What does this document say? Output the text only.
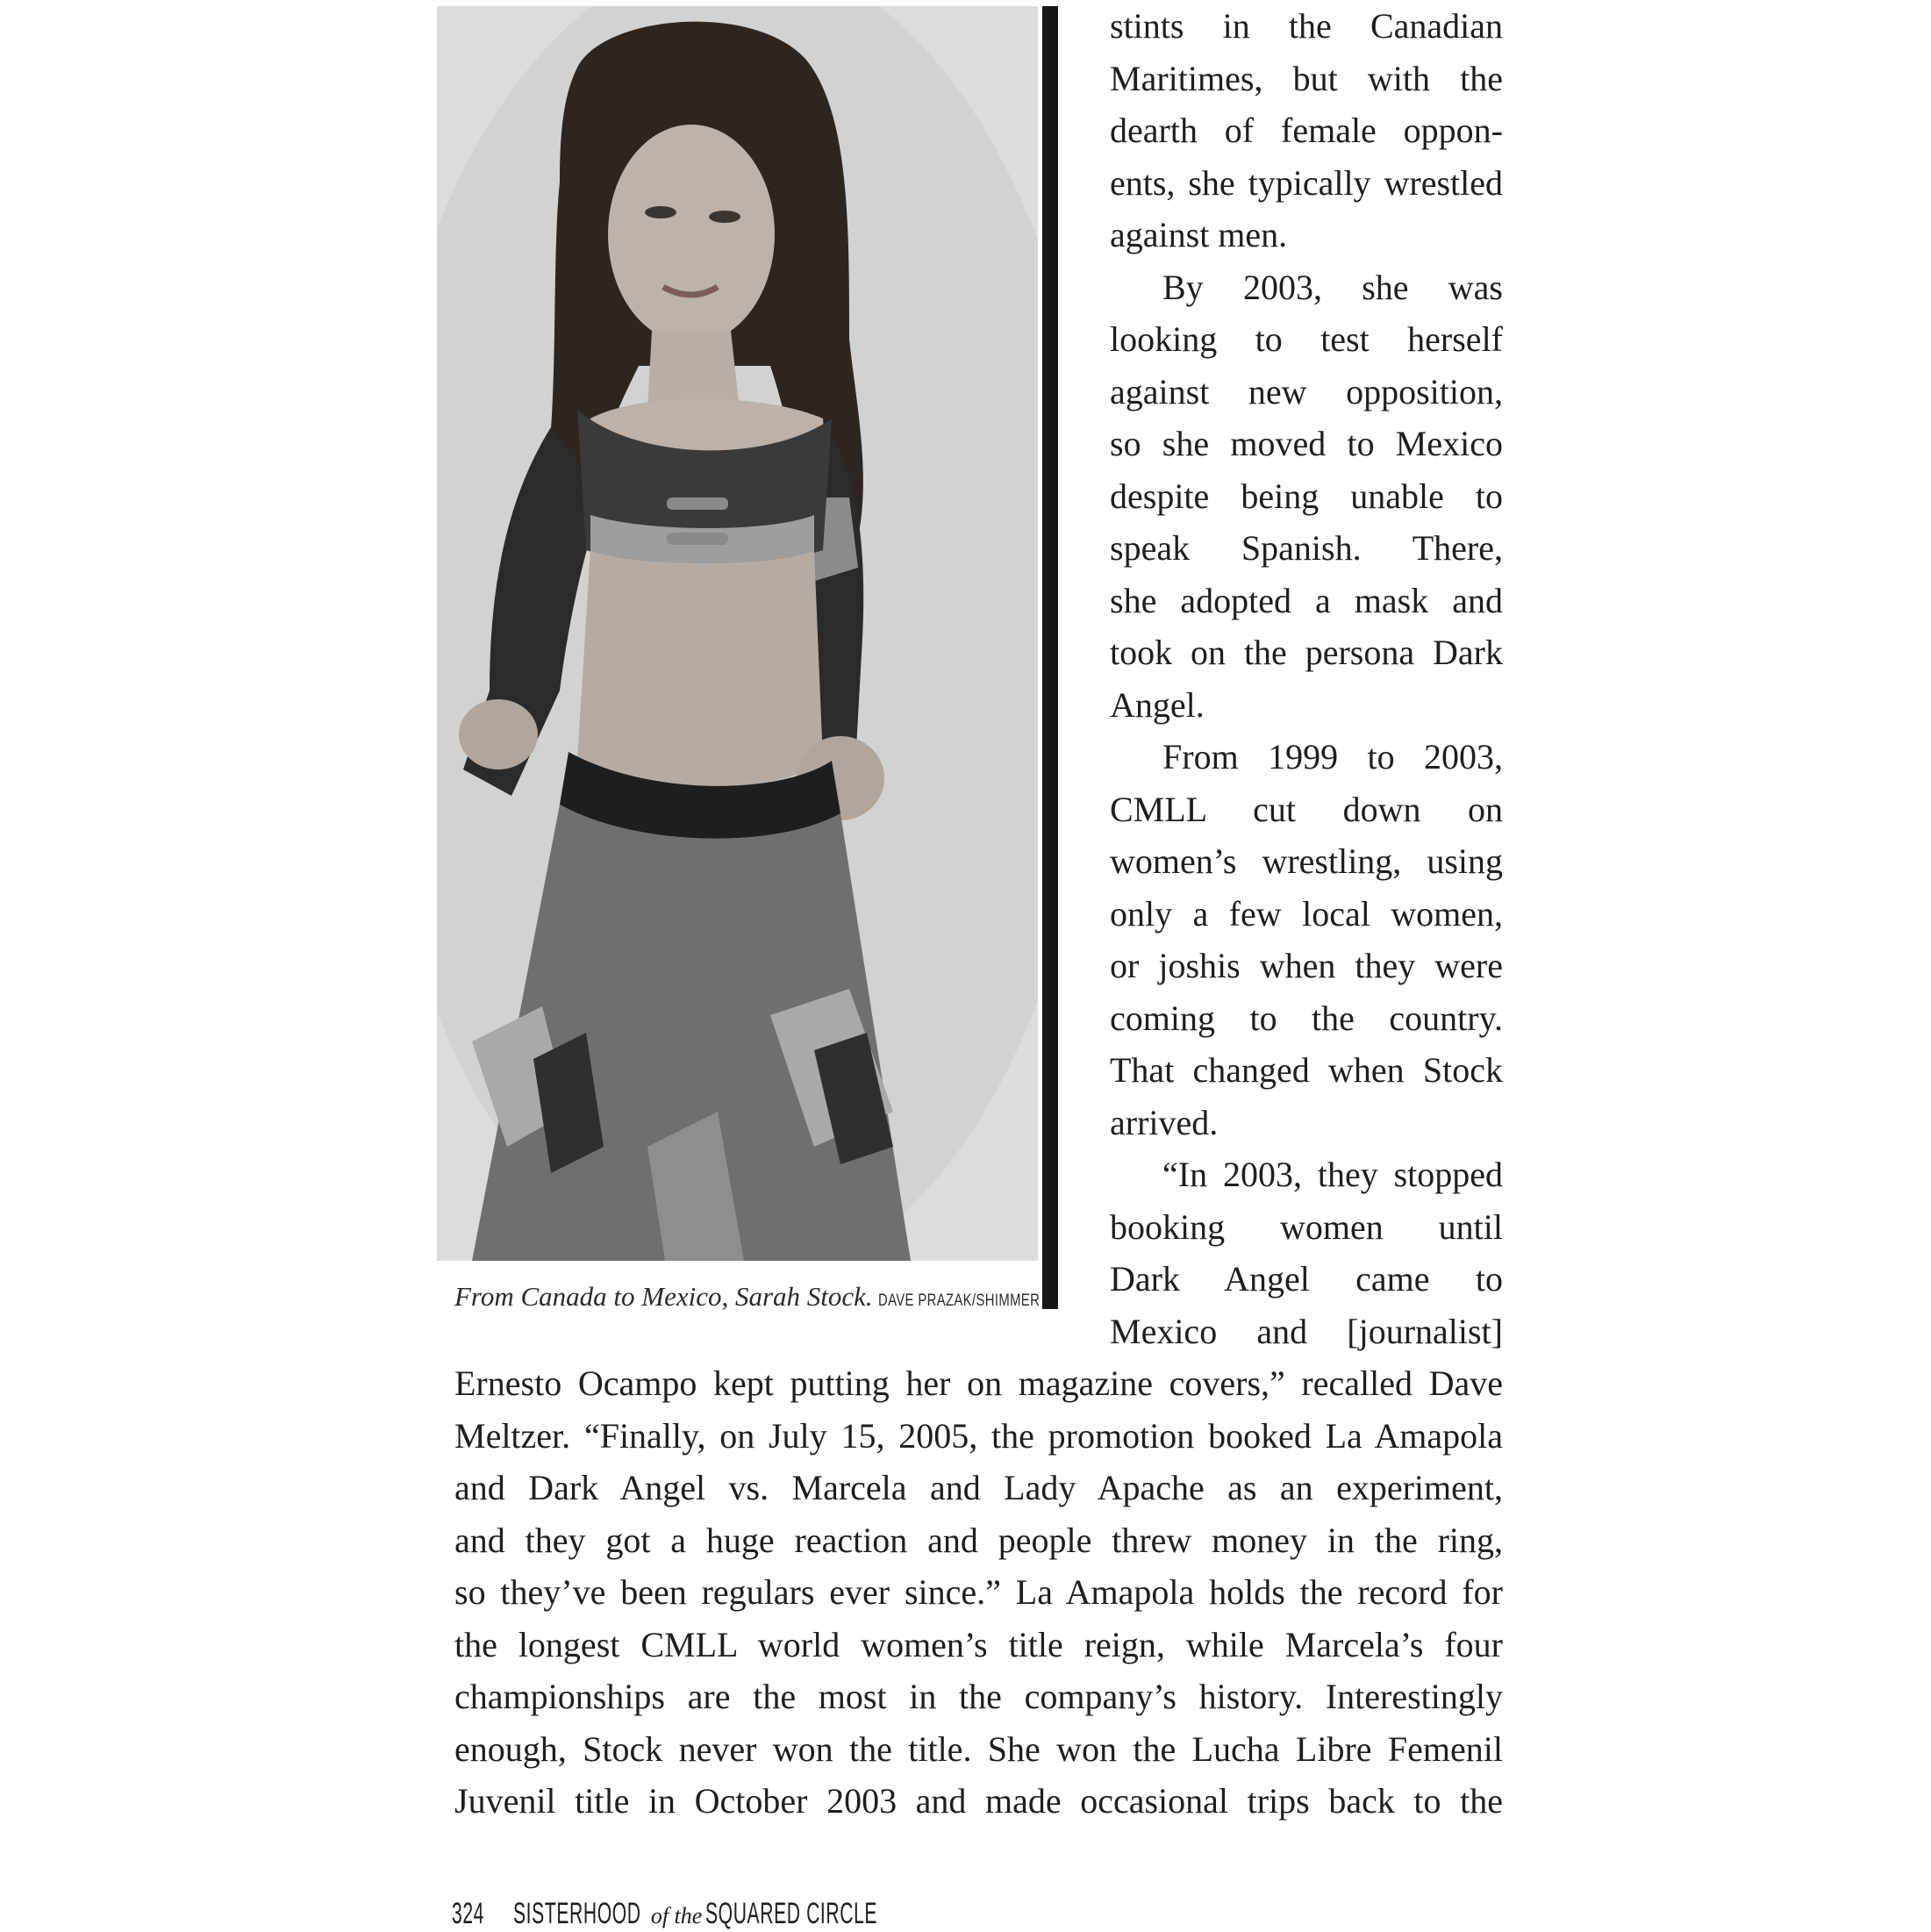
From Canada to Mexico, Sarah Stock. DAVE PRAZAK/SHIMMER
stints in the Canadian
Maritimes, but with the
dearth of female oppon-
ents, she typically wrestled
against men.
By 2003, she was
looking to test herself
against new opposition,
so she moved to Mexico
despite being unable to
speak Spanish. There,
she adopted a mask and
took on the persona Dark
Angel.
From 1999 to 2003,
CMLL cut down on
women’s wrestling, using
only a few local women,
or joshis when they were
coming to the country.
That changed when Stock
arrived.
“In 2003, they stopped
booking women until
Dark Angel came to
Mexico and [journalist]
Ernesto Ocampo kept putting her on magazine covers,” recalled Dave
Meltzer. “Finally, on July 15, 2005, the promotion booked La Amapola
and Dark Angel vs. Marcela and Lady Apache as an experiment,
and they got a huge reaction and people threw money in the ring,
so they’ve been regulars ever since.” La Amapola holds the record for
the longest CMLL world women’s title reign, while Marcela’s four
championships are the most in the company’s history. Interestingly
enough, Stock never won the title. She won the Lucha Libre Femenil
Juvenil title in October 2003 and made occasional trips back to the
324 SISTERHOOD of the SQUARED CIRCLE
